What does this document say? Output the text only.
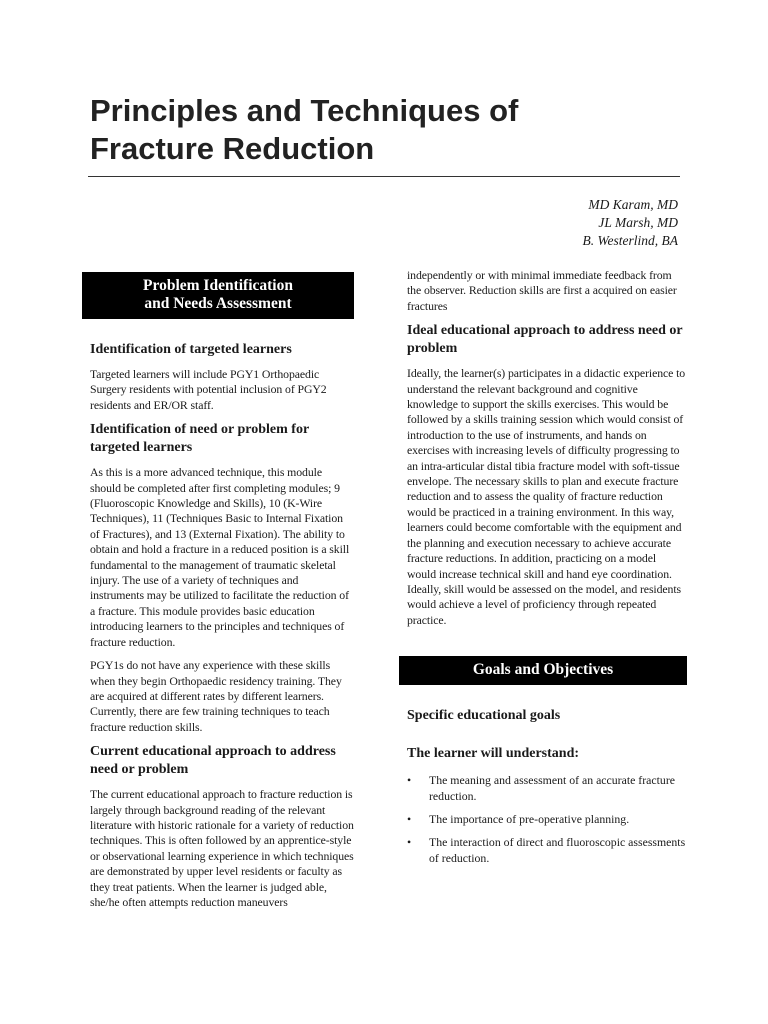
Principles and Techniques of
Fracture Reduction
MD Karam, MD
JL Marsh, MD
B. Westerlind, BA
Problem Identification
and Needs Assessment
Identification of targeted learners

Targeted learners will include PGY1 Orthopaedic Surgery residents with potential inclusion of PGY2 residents and ER/OR staff.

Identification of need or problem for targeted learners

As this is a more advanced technique, this module should be completed after first completing modules; 9 (Fluoroscopic Knowledge and Skills), 10 (K-Wire Techniques), 11 (Techniques Basic to Internal Fixation of Fractures), and 13 (External Fixation). The ability to obtain and hold a fracture in a reduced position is a skill fundamental to the management of traumatic skeletal injury. The use of a variety of techniques and instruments may be utilized to facilitate the reduction of a fracture. This module provides basic education introducing learners to the principles and techniques of fracture reduction.

PGY1s do not have any experience with these skills when they begin Orthopaedic residency training. They are acquired at different rates by different learners. Currently, there are few training techniques to teach fracture reduction skills.

Current educational approach to address need or problem

The current educational approach to fracture reduction is largely through background reading of the relevant literature with historic rationale for a variety of reduction techniques. This is often followed by an apprentice-style or observational learning experience in which techniques are demonstrated by upper level residents or faculty as they treat patients. When the learner is judged able, she/he often attempts reduction maneuvers

independently or with minimal immediate feedback from the observer. Reduction skills are first a acquired on easier fractures

Ideal educational approach to address need or problem

Ideally, the learner(s) participates in a didactic experience to understand the relevant background and cognitive knowledge to support the skills exercises. This would be followed by a skills training session which would consist of introduction to the use of instruments, and hands on exercises with increasing levels of difficulty progressing to an intra-articular distal tibia fracture model with soft-tissue envelope. The necessary skills to plan and execute fracture reduction and to assess the quality of fracture reduction would be practiced in a training environment. In this way, learners could become comfortable with the equipment and the planning and execution necessary to achieve accurate fracture reductions. In addition, practicing on a model would increase technical skill and hand eye coordination. Ideally, skill would be assessed on the model, and residents would achieve a level of proficiency through repeated practice.

Goals and Objectives
Specific educational goals
The learner will understand:
• The meaning and assessment of an accurate fracture reduction.
• The importance of pre-operative planning.
• The interaction of direct and fluoroscopic assessments of reduction.
